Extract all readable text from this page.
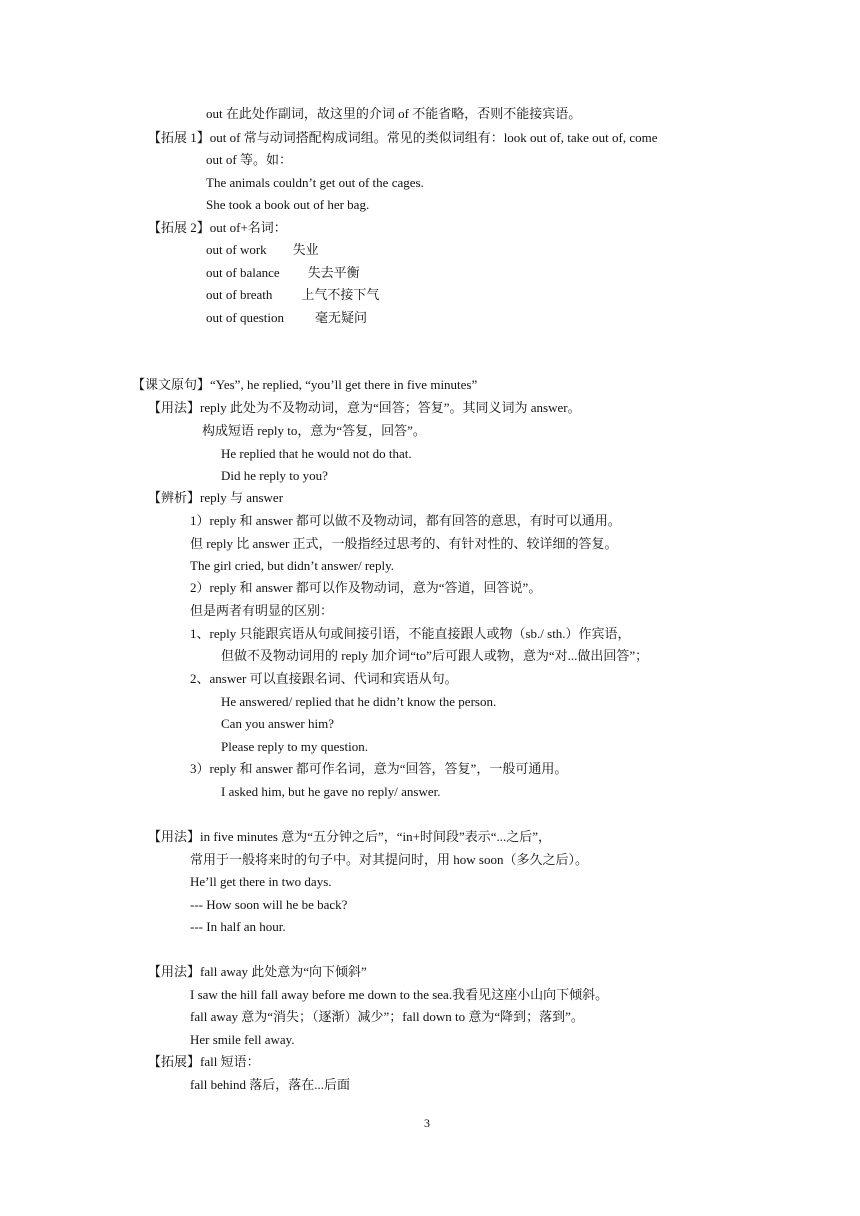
out 在此处作副词，故这里的介词 of 不能省略，否则不能接宾语。
【拓展 1】out of 常与动词搭配构成词组。常见的类似词组有：look out of, take out of, come
out of 等。如：
The animals couldn’t get out of the cages.
She took a book out of her bag.
【拓展 2】out of+名词：
out of work 失业
out of balance 失去平衡
out of breath 上气不接下气
out of question 毫无疑问
【课文原句】“Yes”, he replied, “you’ll get there in five minutes”
【用法】reply 此处为不及物动词，意为“回答；答复”。其同义词为 answer。
构成短语 reply to，意为“答复，回答”。
He replied that he would not do that.
Did he reply to you?
【辨析】reply 与 answer
1）reply 和 answer 都可以做不及物动词，都有回答的意思，有时可以通用。
但 reply 比 answer 正式，一般指经过思考的、有针对性的、较详细的答复。
The girl cried, but didn’t answer/ reply.
2）reply 和 answer 都可以作及物动词，意为“答道，回答说”。
但是两者有明显的区别：
1、reply 只能跟宾语从句或间接引语，不能直接跟人或物（sb./ sth.）作宾语，
但做不及物动词用的 reply 加介词“to”后可跟人或物，意为“对...做出回答”；
2、answer 可以直接跟名词、代词和宾语从句。
He answered/ replied that he didn’t know the person.
Can you answer him?
Please reply to my question.
3）reply 和 answer 都可作名词，意为“回答，答复”，一般可通用。
I asked him, but he gave no reply/ answer.
【用法】in five minutes 意为“五分钟之后”，“in+时间段”表示“...之后”，
常用于一般将来时的句子中。对其提问时，用 how soon（多久之后）。
He’ll get there in two days.
--- How soon will he be back?
--- In half an hour.
【用法】fall away 此处意为“向下倾斜”
I saw the hill fall away before me down to the sea.我看见这座小山向下倾斜。
fall away 意为“消失；（逐渐）减少”；fall down to 意为“降到；落到”。
Her smile fell away.
【拓展】fall 短语：
fall behind 落后，落在...后面
3
